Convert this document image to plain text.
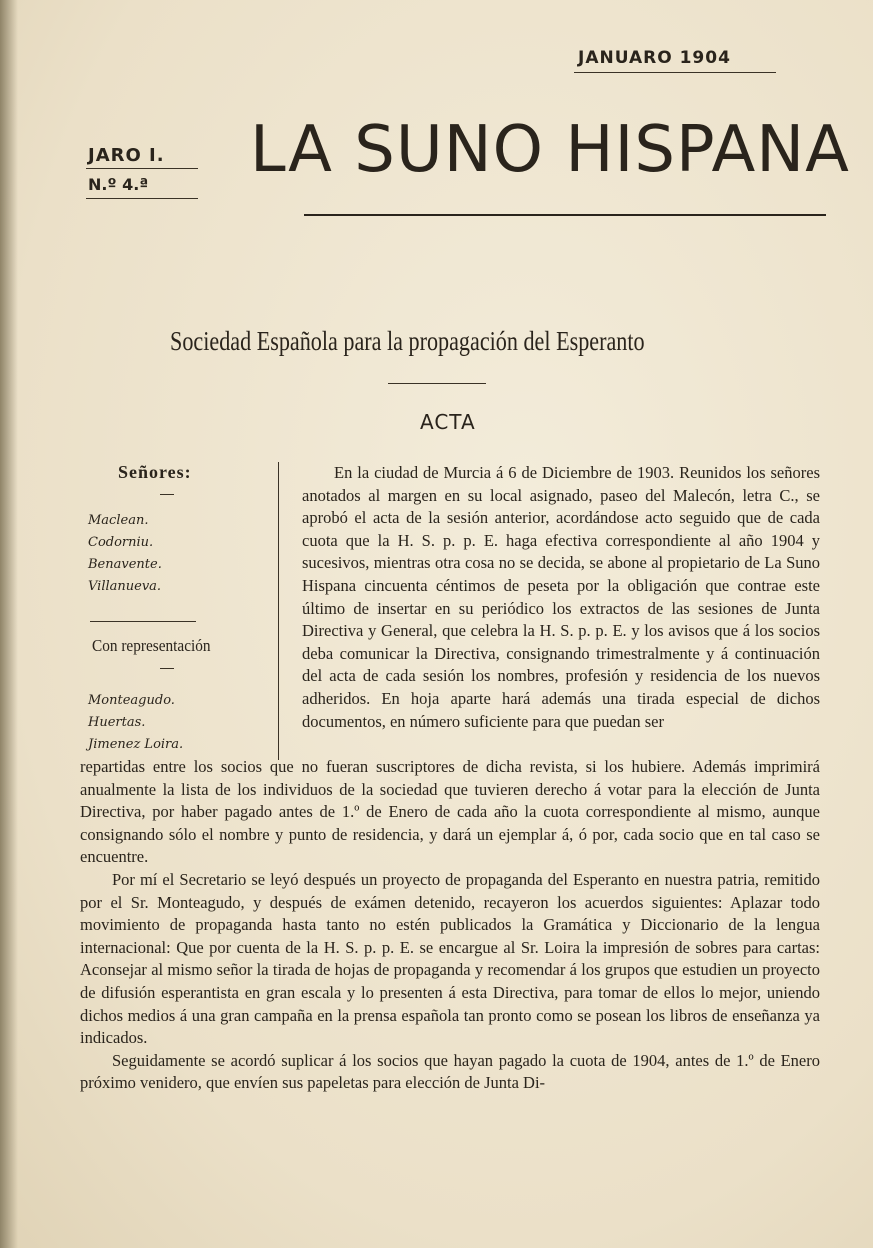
JANUARO 1904
JARO I.
N.º 4.ª LA SUNO HISPANA
Sociedad Española para la propagación del Esperanto
ACTA
Señores:
Maclean.
Codorniu.
Benavente.
Villanueva.
Con representación
Monteagudo.
Huertas.
Jimenez Loira.

En la ciudad de Murcia á 6 de Diciembre de 1903. Reunidos los señores anotados al margen en su local asignado, paseo del Malecón, letra C., se aprobó el acta de la sesión anterior, acordándose acto seguido que de cada cuota que la H. S. p. p. E. haga efectiva correspondiente al año 1904 y sucesivos, mientras otra cosa no se decida, se abone al propietario de La Suno Hispana cincuenta céntimos de peseta por la obligación que contrae este último de insertar en su periódico los extractos de las sesiones de Junta Directiva y General, que celebra la H. S. p. p. E. y los avisos que á los socios deba comunicar la Directiva, consignando trimestralmente y á continuación del acta de cada sesión los nombres, profesión y residencia de los nuevos adheridos. En hoja aparte hará además una tirada especial de dichos documentos, en número suficiente para que puedan ser

repartidas entre los socios que no fueran suscriptores de dicha revista, si los hubiere. Además imprimirá anualmente la lista de los individuos de la sociedad que tuvieren derecho á votar para la elección de Junta Directiva, por haber pagado antes de 1.º de Enero de cada año la cuota correspondiente al mismo, aunque consignando sólo el nombre y punto de residencia, y dará un ejemplar á, ó por, cada socio que en tal caso se encuentre.

Por mí el Secretario se leyó después un proyecto de propaganda del Esperanto en nuestra patria, remitido por el Sr. Monteagudo, y después de exámen detenido, recayeron los acuerdos siguientes: Aplazar todo movimiento de propaganda hasta tanto no estén publicados la Gramática y Diccionario de la lengua internacional: Que por cuenta de la H. S. p. p. E. se encargue al Sr. Loira la impresión de sobres para cartas: Aconsejar al mismo señor la tirada de hojas de propaganda y recomendar á los grupos que estudien un proyecto de difusión esperantista en gran escala y lo presenten á esta Directiva, para tomar de ellos lo mejor, uniendo dichos medios á una gran campaña en la prensa española tan pronto como se posean los libros de enseñanza ya indicados.

Seguidamente se acordó suplicar á los socios que hayan pagado la cuota de 1904, antes de 1.º de Enero próximo venidero, que envíen sus papeletas para elección de Junta Di-
